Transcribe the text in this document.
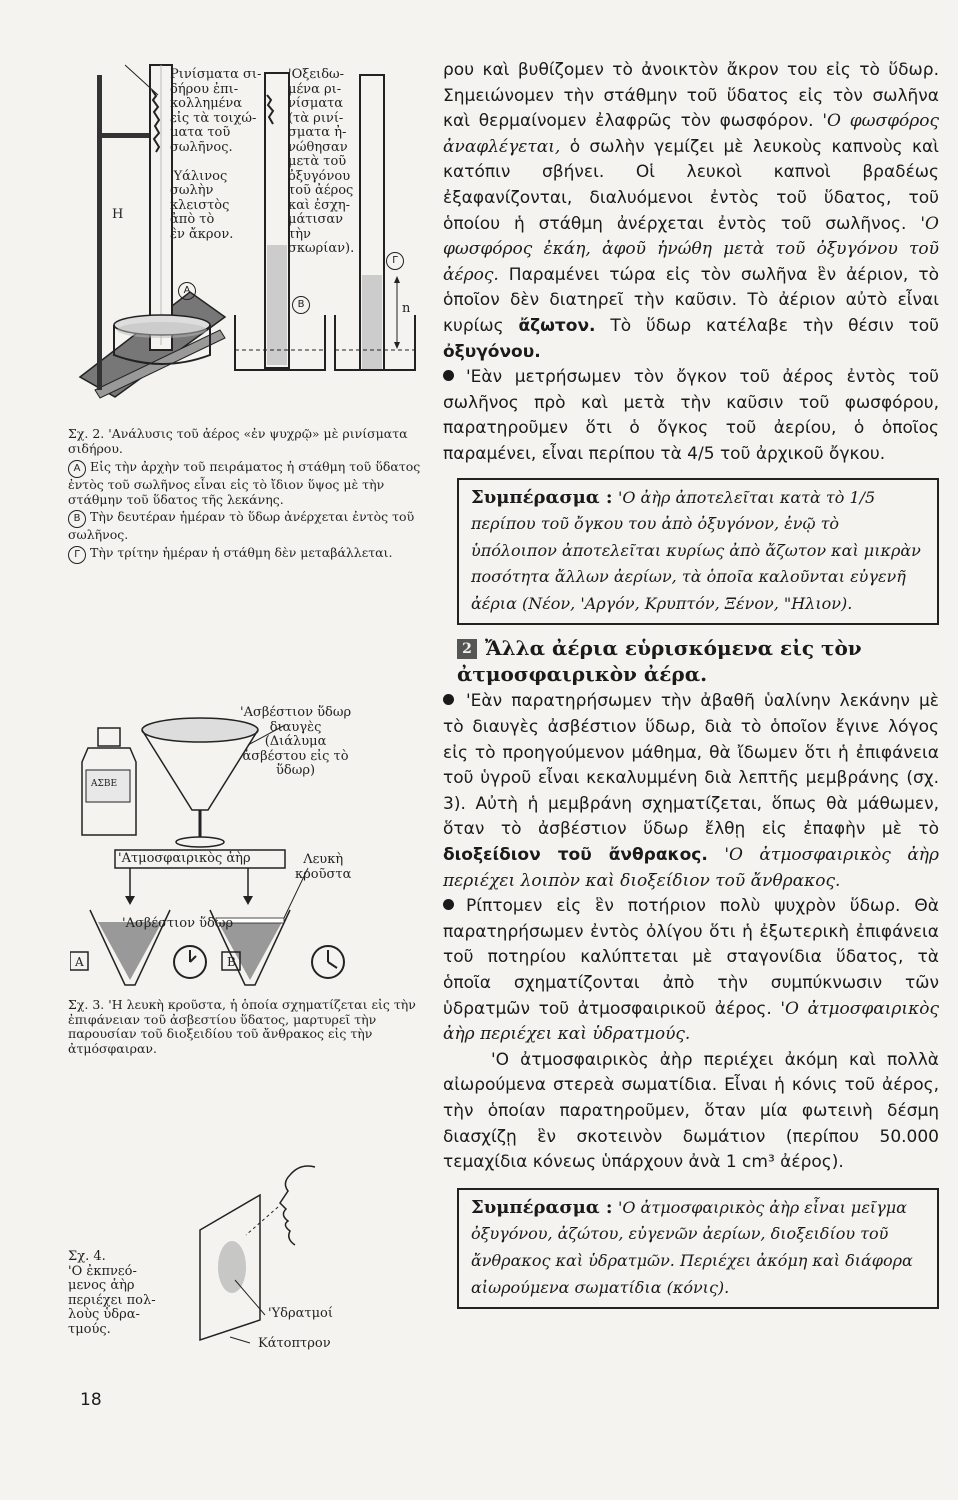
Ρινίσματα σι-
δήρου ἐπι-
κολλημένα
εἰς τὰ τοιχώ-
ματα τοῦ
σωλῆνος.

'Υάλινος
σωλὴν
κλειστὸς
ἀπὸ τὸ
ἓν ἄκρον.
'Οξειδω-
μένα ρι-
νίσματα
(τὰ ρινί-
σματα ἠ-
νώθησαν
μετὰ τοῦ
ὀξυγόνου
τοῦ ἀέρος
καὶ ἐσχη-
μάτισαν
τὴν
σκωρίαν).
Η
Α
Β
Γ
n
Σχ. 2. 'Ανάλυσις τοῦ ἀέρος «ἐν ψυχρῷ» μὲ ρινίσματα σιδήρου.
Α Εἰς τὴν ἀρχὴν τοῦ πειράματος ἡ στάθμη τοῦ ὕδατος ἐντὸς τοῦ σωλῆνος εἶναι εἰς τὸ ἴδιον ὕψος μὲ τὴν στάθμην τοῦ ὕδατος τῆς λεκάνης.
Β Τὴν δευτέραν ἡμέραν τὸ ὕδωρ ἀνέρχεται ἐντὸς τοῦ σωλῆνος.
Γ Τὴν τρίτην ἡμέραν ἡ στάθμη δὲν μεταβάλλεται.
ΑΣΒΕ
'Ασβέστιον ὕδωρ
διαυγὲς
(Διάλυμα
ἀσβέστου εἰς τὸ
ὕδωρ)
'Ατμοσφαιρικὸς ἀὴρ	Λευκὴ
κροῦστα
'Ασβέστιον ὕδωρ
Α	Β
Σχ. 3. 'Η λευκὴ κροῦστα, ἡ ὁποία σχηματίζεται εἰς τὴν ἐπιφάνειαν τοῦ ἀσβεστίου ὕδατος, μαρτυρεῖ τὴν παρουσίαν τοῦ διοξειδίου τοῦ ἄνθρακος εἰς τὴν ἀτμόσφαιραν.
Σχ. 4.
'Ο ἐκπνεό-
μενος ἀὴρ
περιέχει πολ-
λοὺς ὑδρα-
τμούς.
'Υδρατμοί
Κάτοπτρον
18

ρου καὶ βυθίζομεν τὸ ἀνοικτὸν ἄκρον του εἰς τὸ ὕδωρ. Σημειώνομεν τὴν στάθμην τοῦ ὕδατος εἰς τὸν σωλῆνα καὶ θερμαίνομεν ἐλαφρῶς τὸν φωσφόρον. 'Ο φωσφόρος ἀναφλέγεται, ὁ σωλὴν γεμίζει μὲ λευκοὺς καπνοὺς καὶ κατόπιν σβήνει. Οἱ λευκοὶ καπνοὶ βραδέως ἐξαφανίζονται, διαλυόμενοι ἐντὸς τοῦ ὕδατος, τοῦ ὁποίου ἡ στάθμη ἀνέρχεται ἐντὸς τοῦ σωλῆνος. 'Ο φωσφόρος ἐκάη, ἀφοῦ ἡνώθη μετὰ τοῦ ὀξυγόνου τοῦ ἀέρος. Παραμένει τώρα εἰς τὸν σωλῆνα ἓν ἀέριον, τὸ ὁποῖον δὲν διατηρεῖ τὴν καῦσιν. Τὸ ἀέριον αὐτὸ εἶναι κυρίως ἄζωτον. Τὸ ὕδωρ κατέλαβε τὴν θέσιν τοῦ ὀξυγόνου.

'Εὰν μετρήσωμεν τὸν ὄγκον τοῦ ἀέρος ἐντὸς τοῦ σωλῆνος πρὸ καὶ μετὰ τὴν καῦσιν τοῦ φωσφόρου, παρατηροῦμεν ὅτι ὁ ὄγκος τοῦ ἀερίου, ὁ ὁποῖος παραμένει, εἶναι περίπου τὰ 4/5 τοῦ ἀρχικοῦ ὄγκου.

Συμπέρασμα : 'Ο ἀὴρ ἀποτελεῖται κατὰ τὸ 1/5 περίπου τοῦ ὄγκου του ἀπὸ ὀξυγόνον, ἐνῷ τὸ ὑπόλοιπον ἀποτελεῖται κυρίως ἀπὸ ἄζωτον καὶ μικρὰν ποσότητα ἄλλων ἀερίων, τὰ ὁποῖα καλοῦνται εὐγενῆ ἀέρια (Νέον, 'Αργόν, Κρυπτόν, Ξένον, "Ηλιον).
2 Ἄλλα ἀέρια εὑρισκόμενα εἰς τὸν ἀτμοσφαιρικὸν ἀέρα.

'Εὰν παρατηρήσωμεν τὴν ἀβαθῆ ὑαλίνην λεκάνην μὲ τὸ διαυγὲς ἀσβέστιον ὕδωρ, διὰ τὸ ὁποῖον ἔγινε λόγος εἰς τὸ προηγούμενον μάθημα, θὰ ἴδωμεν ὅτι ἡ ἐπιφάνεια τοῦ ὑγροῦ εἶναι κεκαλυμμένη διὰ λεπτῆς μεμβράνης (σχ. 3). Αὐτὴ ἡ μεμβράνη σχηματίζεται, ὅπως θὰ μάθωμεν, ὅταν τὸ ἀσβέστιον ὕδωρ ἔλθῃ εἰς ἐπαφὴν μὲ τὸ διοξείδιον τοῦ ἄνθρακος. 'Ο ἀτμοσφαιρικὸς ἀὴρ περιέχει λοιπὸν καὶ διοξείδιον τοῦ ἄνθρακος.

Ρίπτομεν εἰς ἓν ποτήριον πολὺ ψυχρὸν ὕδωρ. Θὰ παρατηρήσωμεν ἐντὸς ὀλίγου ὅτι ἡ ἐξωτερικὴ ἐπιφάνεια τοῦ ποτηρίου καλύπτεται μὲ σταγονίδια ὕδατος, τὰ ὁποῖα σχηματίζονται ἀπὸ τὴν συμπύκνωσιν τῶν ὑδρατμῶν τοῦ ἀτμοσφαιρικοῦ ἀέρος. 'Ο ἀτμοσφαιρικὸς ἀὴρ περιέχει καὶ ὑδρατμούς.

'Ο ἀτμοσφαιρικὸς ἀὴρ περιέχει ἀκόμη καὶ πολλὰ αἰωρούμενα στερεὰ σωματίδια. Εἶναι ἡ κόνις τοῦ ἀέρος, τὴν ὁποίαν παρατηροῦμεν, ὅταν μία φωτεινὴ δέσμη διασχίζῃ ἓν σκοτεινὸν δωμάτιον (περίπου 50.000 τεμαχίδια κόνεως ὑπάρχουν ἀνὰ 1 cm³ ἀέρος).

Συμπέρασμα : 'Ο ἀτμοσφαιρικὸς ἀὴρ εἶναι μεῖγμα ὀξυγόνου, ἀζώτου, εὐγενῶν ἀερίων, διοξειδίου τοῦ ἄνθρακος καὶ ὑδρατμῶν. Περιέχει ἀκόμη καὶ διάφορα αἰωρούμενα σωματίδια (κόνις).
